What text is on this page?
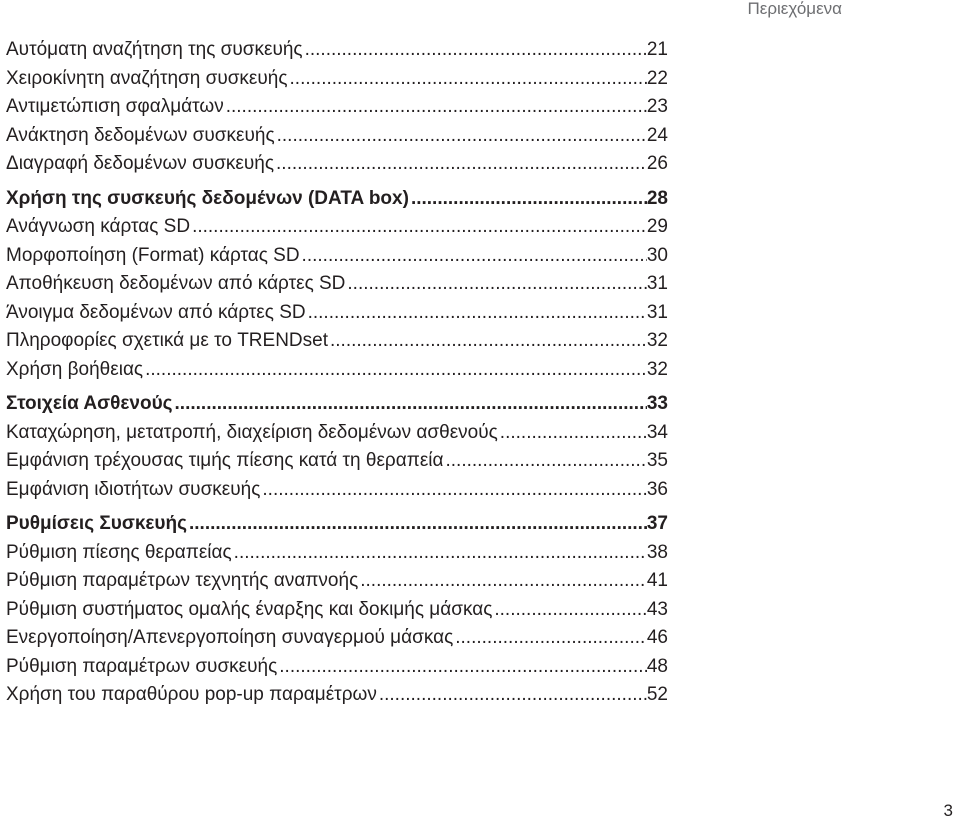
Περιεχόμενα
Αυτόματη αναζήτηση της συσκευής .....	21
Χειροκίνητη αναζήτηση συσκευής .....	22
Αντιμετώπιση σφαλμάτων .....	23
Ανάκτηση δεδομένων συσκευής .....	24
Διαγραφή δεδομένων συσκευής .....	26
Χρήση της συσκευής δεδομένων (DATA box) .....	28
Ανάγνωση κάρτας SD .....	29
Μορφοποίηση (Format) κάρτας SD .....	30
Αποθήκευση δεδομένων από κάρτες SD .....	31
Άνοιγμα δεδομένων από κάρτες SD .....	31
Πληροφορίες σχετικά με το TRENDset .....	32
Χρήση βοήθειας .....	32
Στοιχεία Ασθενούς .....	33
Καταχώρηση, μετατροπή, διαχείριση δεδομένων ασθενούς .....	34
Εμφάνιση τρέχουσας τιμής πίεσης κατά τη θεραπεία .....	35
Εμφάνιση ιδιοτήτων συσκευής .....	36
Ρυθμίσεις Συσκευής .....	37
Ρύθμιση πίεσης θεραπείας .....	38
Ρύθμιση παραμέτρων τεχνητής αναπνοής .....	41
Ρύθμιση συστήματος ομαλής έναρξης και δοκιμής μάσκας .....	43
Ενεργοποίηση/Απενεργοποίηση συναγερμού μάσκας .....	46
Ρύθμιση παραμέτρων συσκευής .....	48
Χρήση του παραθύρου pop-up παραμέτρων .....	52
3
